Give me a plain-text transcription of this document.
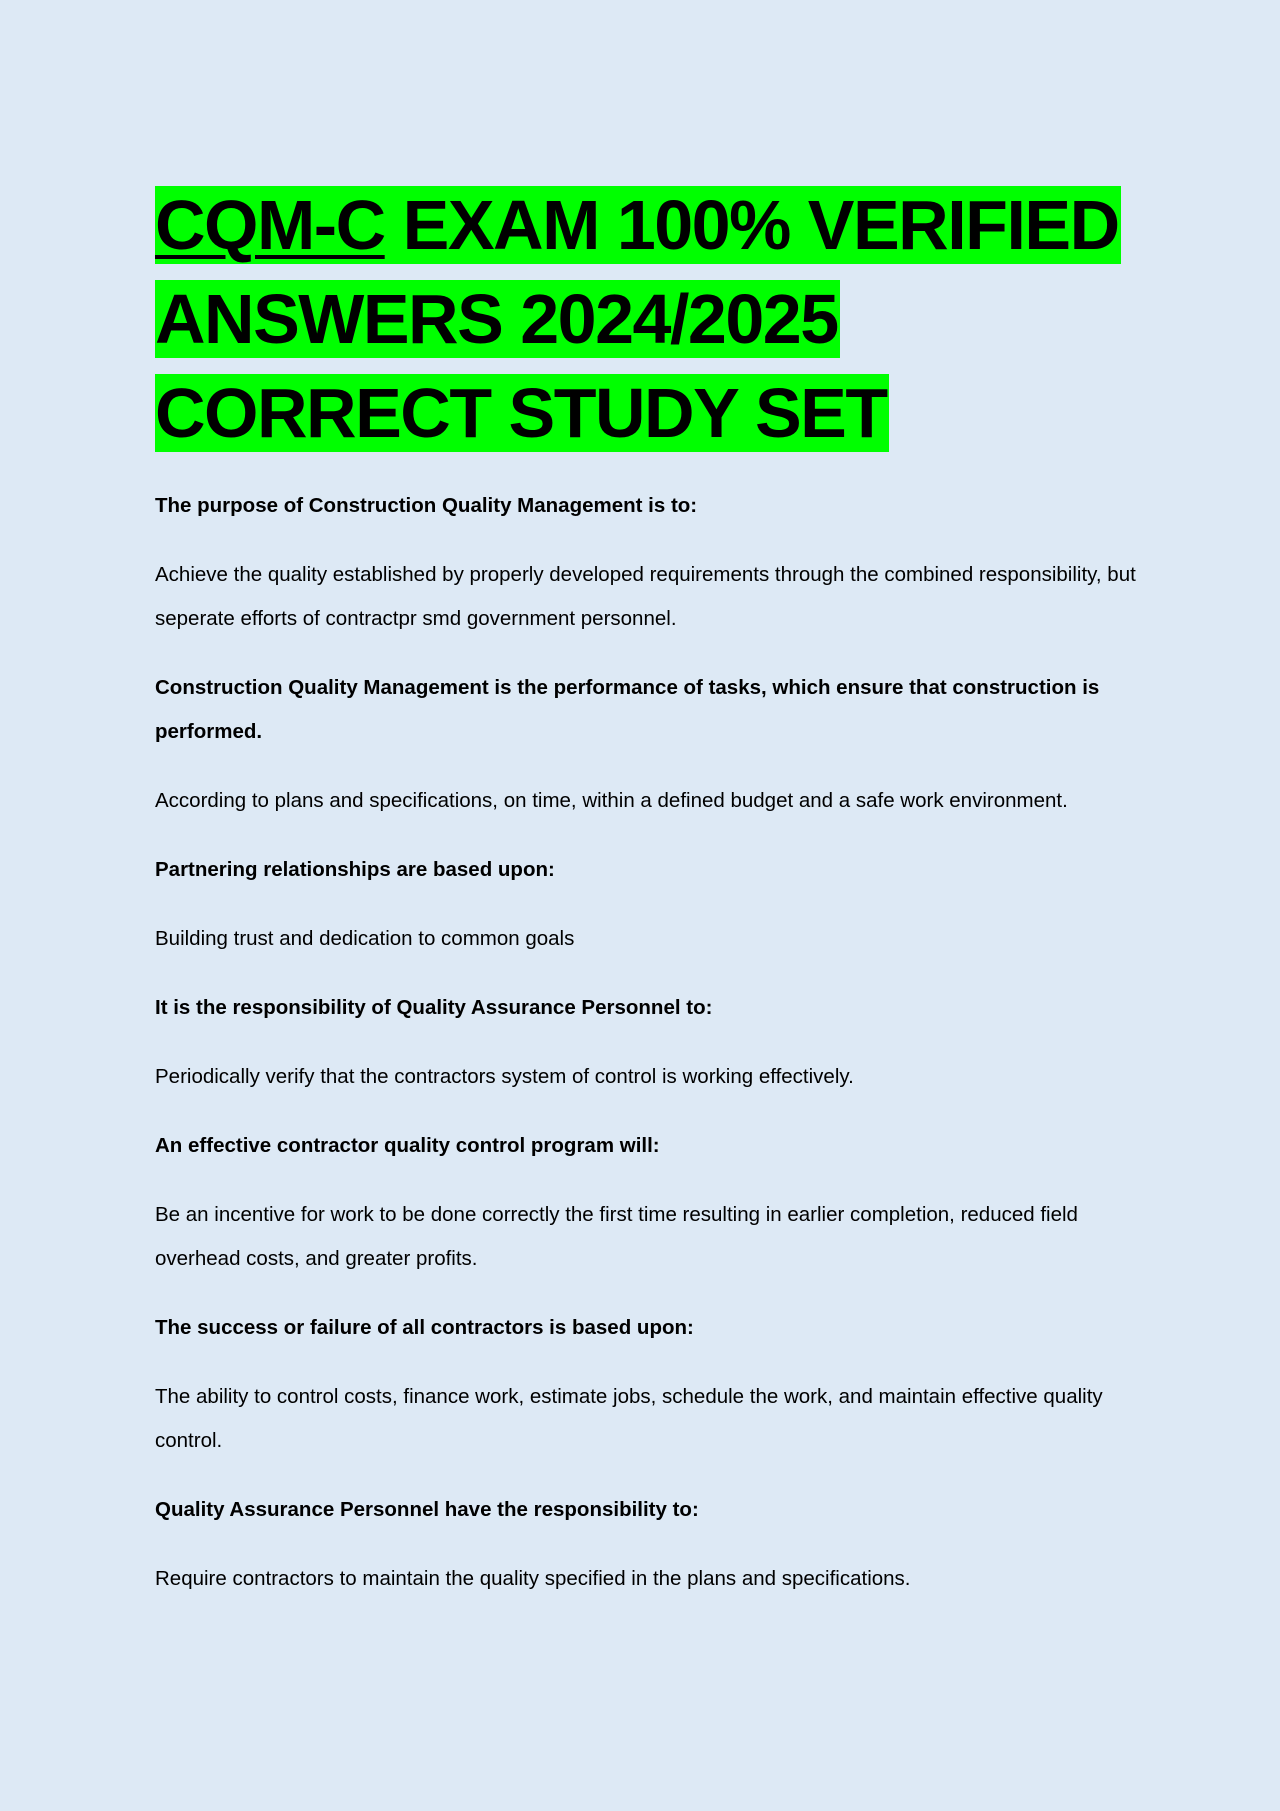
CQM-C EXAM 100% VERIFIED ANSWERS 2024/2025 CORRECT STUDY SET

The purpose of Construction Quality Management is to:

Achieve the quality established by properly developed requirements through the combined responsibility, but seperate efforts of contractpr smd government personnel.

Construction Quality Management is the performance of tasks, which ensure that construction is performed.

According to plans and specifications, on time, within a defined budget and a safe work environment.

Partnering relationships are based upon:

Building trust and dedication to common goals

It is the responsibility of Quality Assurance Personnel to:

Periodically verify that the contractors system of control is working effectively.

An effective contractor quality control program will:

Be an incentive for work to be done correctly the first time resulting in earlier completion, reduced field overhead costs, and greater profits.

The success or failure of all contractors is based upon:

The ability to control costs, finance work, estimate jobs, schedule the work, and maintain effective quality control.

Quality Assurance Personnel have the responsibility to:

Require contractors to maintain the quality specified in the plans and specifications.
